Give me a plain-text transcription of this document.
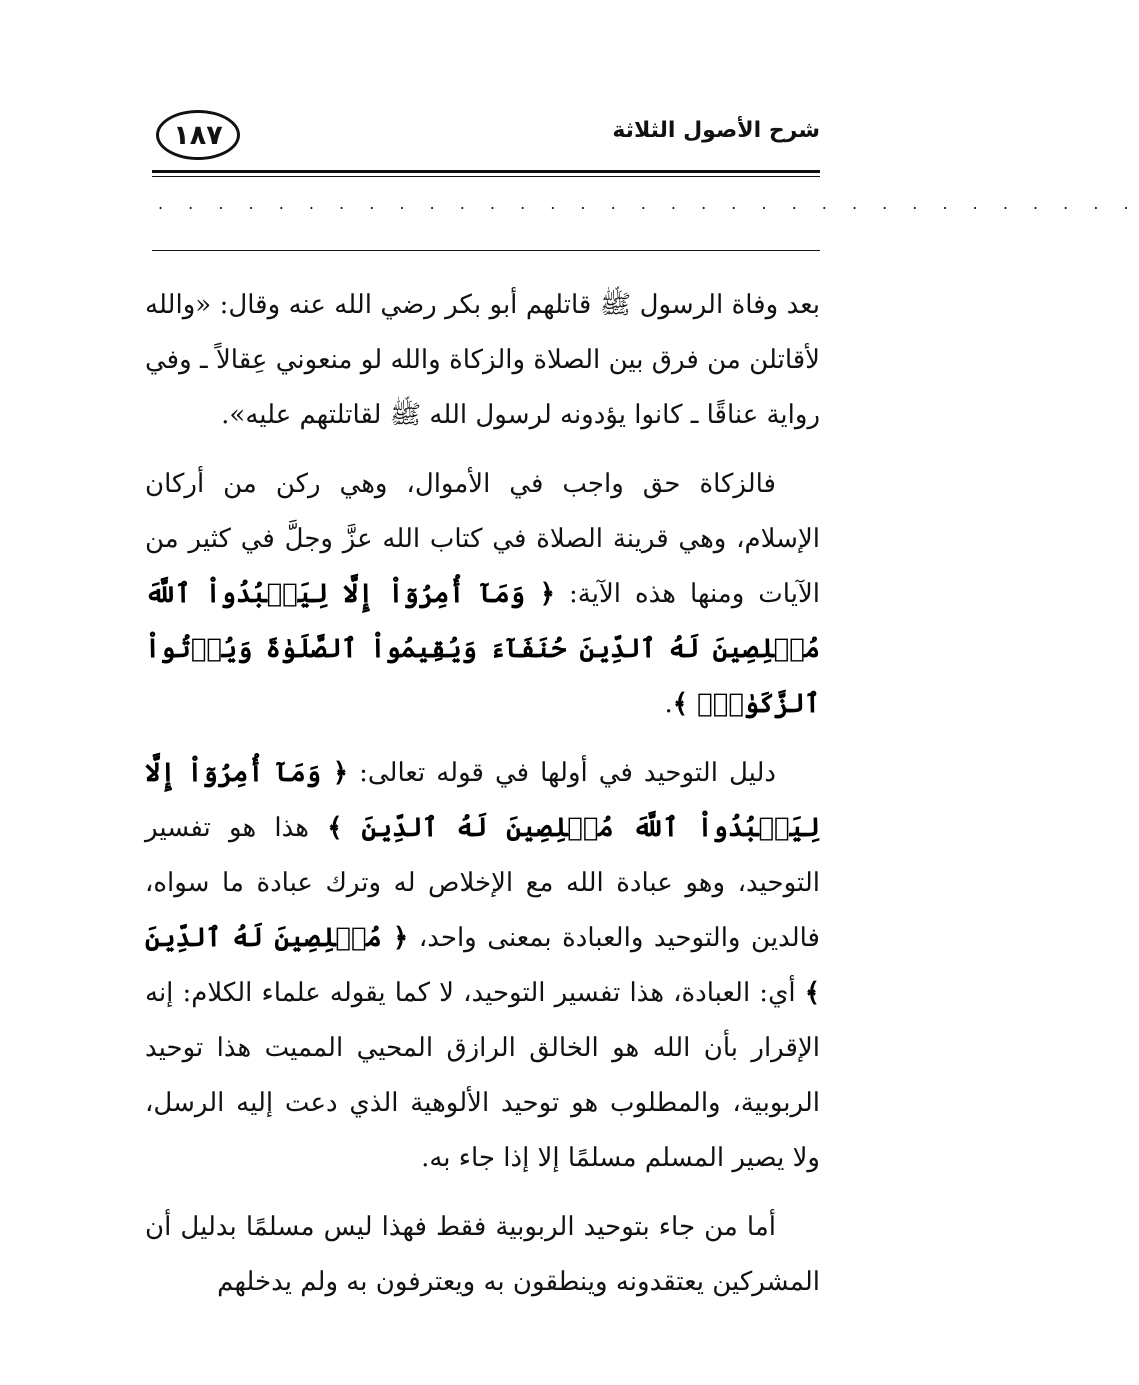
١٨٧	شرح الأصول الثلاثة
. . . . . . . . . . . . . . . . . . . . . . . . . . . . . . . . .

بعد وفاة الرسول ﷺ قاتلهم أبو بكر رضي الله عنه وقال: «والله لأقاتلن من فرق بين الصلاة والزكاة والله لو منعوني عِقالاً ـ وفي رواية عناقًا ـ كانوا يؤدونه لرسول الله ﷺ لقاتلتهم عليه».

فالزكاة حق واجب في الأموال، وهي ركن من أركان الإسلام، وهي قرينة الصلاة في كتاب الله عزَّ وجلَّ في كثير من الآيات ومنها هذه الآية: ﴿ وَمَآ أُمِرُوٓاْ إِلَّا لِيَعۡبُدُواْ ٱللَّهَ مُخۡلِصِينَ لَهُ ٱلدِّينَ حُنَفَآءَ وَيُقِيمُواْ ٱلصَّلَوٰةَ وَيُؤۡتُواْ ٱلزَّكَوٰةَۚ ﴾.

دليل التوحيد في أولها في قوله تعالى: ﴿ وَمَآ أُمِرُوٓاْ إِلَّا لِيَعۡبُدُواْ ٱللَّهَ مُخۡلِصِينَ لَهُ ٱلدِّينَ ﴾ هذا هو تفسير التوحيد، وهو عبادة الله مع الإخلاص له وترك عبادة ما سواه، فالدين والتوحيد والعبادة بمعنى واحد، ﴿ مُخۡلِصِينَ لَهُ ٱلدِّينَ ﴾ أي: العبادة، هذا تفسير التوحيد، لا كما يقوله علماء الكلام: إنه الإقرار بأن الله هو الخالق الرازق المحيي المميت هذا توحيد الربوبية، والمطلوب هو توحيد الألوهية الذي دعت إليه الرسل، ولا يصير المسلم مسلمًا إلا إذا جاء به.

أما من جاء بتوحيد الربوبية فقط فهذا ليس مسلمًا بدليل أن المشركين يعتقدونه وينطقون به ويعترفون به ولم يدخلهم
